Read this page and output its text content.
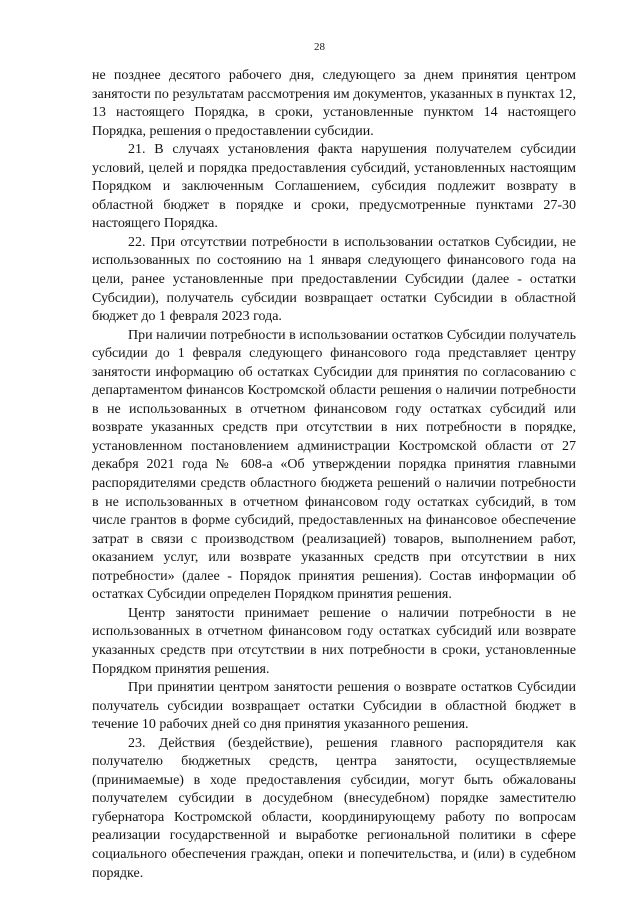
28

не позднее десятого рабочего дня, следующего за днем принятия центром занятости по результатам рассмотрения им документов, указанных в пунктах 12, 13 настоящего Порядка, в сроки, установленные пунктом 14 настоящего Порядка, решения о предоставлении субсидии.

21. В случаях установления факта нарушения получателем субсидии условий, целей и порядка предоставления субсидий, установленных настоящим Порядком и заключенным Соглашением, субсидия подлежит возврату в областной бюджет в порядке и сроки, предусмотренные пунктами 27-30 настоящего Порядка.

22. При отсутствии потребности в использовании остатков Субсидии, не использованных по состоянию на 1 января следующего финансового года на цели, ранее установленные при предоставлении Субсидии (далее - остатки Субсидии), получатель субсидии возвращает остатки Субсидии в областной бюджет до 1 февраля 2023 года.

При наличии потребности в использовании остатков Субсидии получатель субсидии до 1 февраля следующего финансового года представляет центру занятости информацию об остатках Субсидии для принятия по согласованию с департаментом финансов Костромской области решения о наличии потребности в не использованных в отчетном финансовом году остатках субсидий или возврате указанных средств при отсутствии в них потребности в порядке, установленном постановлением администрации Костромской области от 27 декабря 2021 года № 608-а «Об утверждении порядка принятия главными распорядителями средств областного бюджета решений о наличии потребности в не использованных в отчетном финансовом году остатках субсидий, в том числе грантов в форме субсидий, предоставленных на финансовое обеспечение затрат в связи с производством (реализацией) товаров, выполнением работ, оказанием услуг, или возврате указанных средств при отсутствии в них потребности» (далее - Порядок принятия решения). Состав информации об остатках Субсидии определен Порядком принятия решения.

Центр занятости принимает решение о наличии потребности в не использованных в отчетном финансовом году остатках субсидий или возврате указанных средств при отсутствии в них потребности в сроки, установленные Порядком принятия решения.

При принятии центром занятости решения о возврате остатков Субсидии получатель субсидии возвращает остатки Субсидии в областной бюджет в течение 10 рабочих дней со дня принятия указанного решения.

23. Действия (бездействие), решения главного распорядителя как получателю бюджетных средств, центра занятости, осуществляемые (принимаемые) в ходе предоставления субсидии, могут быть обжалованы получателем субсидии в досудебном (внесудебном) порядке заместителю губернатора Костромской области, координирующему работу по вопросам реализации государственной и выработке региональной политики в сфере социального обеспечения граждан, опеки и попечительства, и (или) в судебном порядке.
